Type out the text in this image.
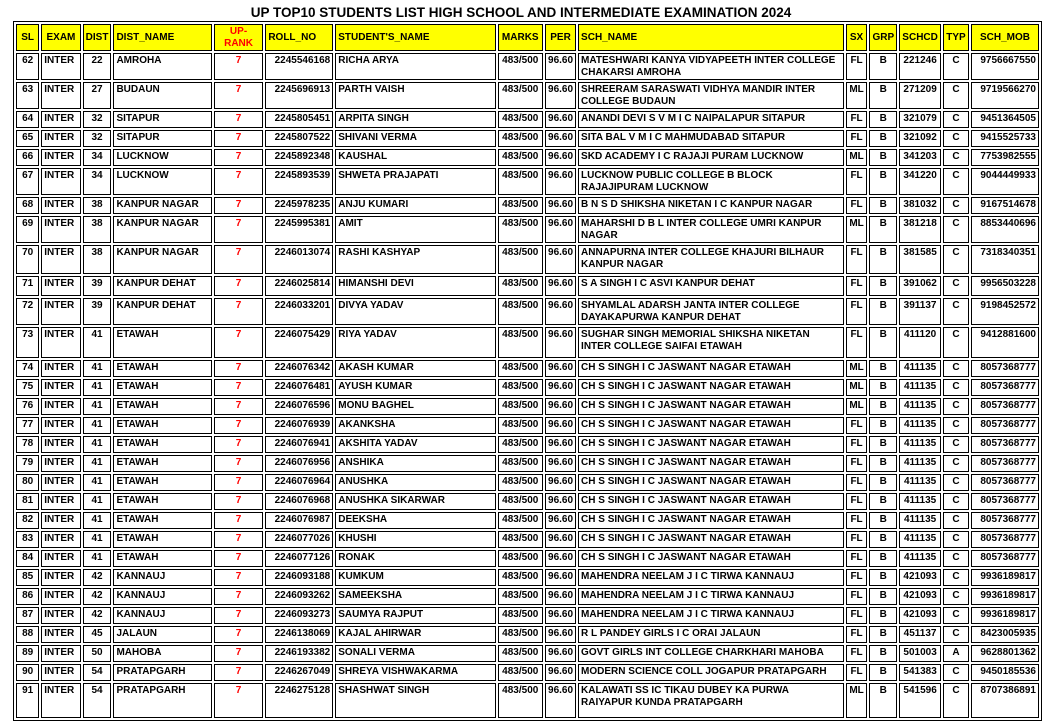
UP TOP10 STUDENTS LIST HIGH SCHOOL AND INTERMEDIATE EXAMINATION 2024
SL	EXAM	DIST	DIST_NAME	UP-RANK	ROLL_NO	STUDENT'S_NAME	MARKS	PER	SCH_NAME	SX	GRP	SCHCD	TYP	SCH_MOB
62	INTER	22	AMROHA	7	2245546168	RICHA ARYA	483/500	96.60	MATESHWARI KANYA VIDYAPEETH INTER COLLEGE CHAKARSI AMROHA	FL	B	221246	C	9756667550
63	INTER	27	BUDAUN	7	2245696913	PARTH VAISH	483/500	96.60	SHREERAM SARASWATI VIDHYA MANDIR INTER COLLEGE BUDAUN	ML	B	271209	C	9719566270
64	INTER	32	SITAPUR	7	2245805451	ARPITA SINGH	483/500	96.60	ANANDI DEVI S V M I C NAIPALAPUR SITAPUR	FL	B	321079	C	9451364505
65	INTER	32	SITAPUR	7	2245807522	SHIVANI VERMA	483/500	96.60	SITA BAL V M I C MAHMUDABAD SITAPUR	FL	B	321092	C	9415525733
66	INTER	34	LUCKNOW	7	2245892348	KAUSHAL	483/500	96.60	SKD ACADEMY I C RAJAJI PURAM LUCKNOW	ML	B	341203	C	7753982555
67	INTER	34	LUCKNOW	7	2245893539	SHWETA PRAJAPATI	483/500	96.60	LUCKNOW PUBLIC COLLEGE B BLOCK RAJAJIPURAM LUCKNOW	FL	B	341220	C	9044449933
68	INTER	38	KANPUR NAGAR	7	2245978235	ANJU KUMARI	483/500	96.60	B N S D SHIKSHA NIKETAN I C KANPUR NAGAR	FL	B	381032	C	9167514678
69	INTER	38	KANPUR NAGAR	7	2245995381	AMIT	483/500	96.60	MAHARSHI D B L INTER COLLEGE UMRI KANPUR NAGAR	ML	B	381218	C	8853440696
70	INTER	38	KANPUR NAGAR	7	2246013074	RASHI KASHYAP	483/500	96.60	ANNAPURNA INTER COLLEGE KHAJURI BILHAUR KANPUR NAGAR	FL	B	381585	C	7318340351
71	INTER	39	KANPUR DEHAT	7	2246025814	HIMANSHI DEVI	483/500	96.60	S A SINGH I C ASVI KANPUR DEHAT	FL	B	391062	C	9956503228
72	INTER	39	KANPUR DEHAT	7	2246033201	DIVYA YADAV	483/500	96.60	SHYAMLAL ADARSH JANTA INTER COLLEGE DAYAKAPURWA KANPUR DEHAT	FL	B	391137	C	9198452572
73	INTER	41	ETAWAH	7	2246075429	RIYA YADAV	483/500	96.60	SUGHAR SINGH MEMORIAL SHIKSHA NIKETAN INTER COLLEGE SAIFAI ETAWAH	FL	B	411120	C	9412881600
74	INTER	41	ETAWAH	7	2246076342	AKASH KUMAR	483/500	96.60	CH S SINGH I C JASWANT NAGAR ETAWAH	ML	B	411135	C	8057368777
75	INTER	41	ETAWAH	7	2246076481	AYUSH KUMAR	483/500	96.60	CH S SINGH I C JASWANT NAGAR ETAWAH	ML	B	411135	C	8057368777
76	INTER	41	ETAWAH	7	2246076596	MONU BAGHEL	483/500	96.60	CH S SINGH I C JASWANT NAGAR ETAWAH	ML	B	411135	C	8057368777
77	INTER	41	ETAWAH	7	2246076939	AKANKSHA	483/500	96.60	CH S SINGH I C JASWANT NAGAR ETAWAH	FL	B	411135	C	8057368777
78	INTER	41	ETAWAH	7	2246076941	AKSHITA YADAV	483/500	96.60	CH S SINGH I C JASWANT NAGAR ETAWAH	FL	B	411135	C	8057368777
79	INTER	41	ETAWAH	7	2246076956	ANSHIKA	483/500	96.60	CH S SINGH I C JASWANT NAGAR ETAWAH	FL	B	411135	C	8057368777
80	INTER	41	ETAWAH	7	2246076964	ANUSHKA	483/500	96.60	CH S SINGH I C JASWANT NAGAR ETAWAH	FL	B	411135	C	8057368777
81	INTER	41	ETAWAH	7	2246076968	ANUSHKA SIKARWAR	483/500	96.60	CH S SINGH I C JASWANT NAGAR ETAWAH	FL	B	411135	C	8057368777
82	INTER	41	ETAWAH	7	2246076987	DEEKSHA	483/500	96.60	CH S SINGH I C JASWANT NAGAR ETAWAH	FL	B	411135	C	8057368777
83	INTER	41	ETAWAH	7	2246077026	KHUSHI	483/500	96.60	CH S SINGH I C JASWANT NAGAR ETAWAH	FL	B	411135	C	8057368777
84	INTER	41	ETAWAH	7	2246077126	RONAK	483/500	96.60	CH S SINGH I C JASWANT NAGAR ETAWAH	FL	B	411135	C	8057368777
85	INTER	42	KANNAUJ	7	2246093188	KUMKUM	483/500	96.60	MAHENDRA NEELAM J I C TIRWA KANNAUJ	FL	B	421093	C	9936189817
86	INTER	42	KANNAUJ	7	2246093262	SAMEEKSHA	483/500	96.60	MAHENDRA NEELAM J I C TIRWA KANNAUJ	FL	B	421093	C	9936189817
87	INTER	42	KANNAUJ	7	2246093273	SAUMYA RAJPUT	483/500	96.60	MAHENDRA NEELAM J I C TIRWA KANNAUJ	FL	B	421093	C	9936189817
88	INTER	45	JALAUN	7	2246138069	KAJAL AHIRWAR	483/500	96.60	R L PANDEY GIRLS I C ORAI JALAUN	FL	B	451137	C	8423005935
89	INTER	50	MAHOBA	7	2246193382	SONALI VERMA	483/500	96.60	GOVT GIRLS INT COLLEGE CHARKHARI MAHOBA	FL	B	501003	A	9628801362
90	INTER	54	PRATAPGARH	7	2246267049	SHREYA VISHWAKARMA	483/500	96.60	MODERN SCIENCE COLL JOGAPUR PRATAPGARH	FL	B	541383	C	9450185536
91	INTER	54	PRATAPGARH	7	2246275128	SHASHWAT SINGH	483/500	96.60	KALAWATI SS IC TIKAU DUBEY KA PURWA RAIYAPUR KUNDA PRATAPGARH	ML	B	541596	C	8707386891
